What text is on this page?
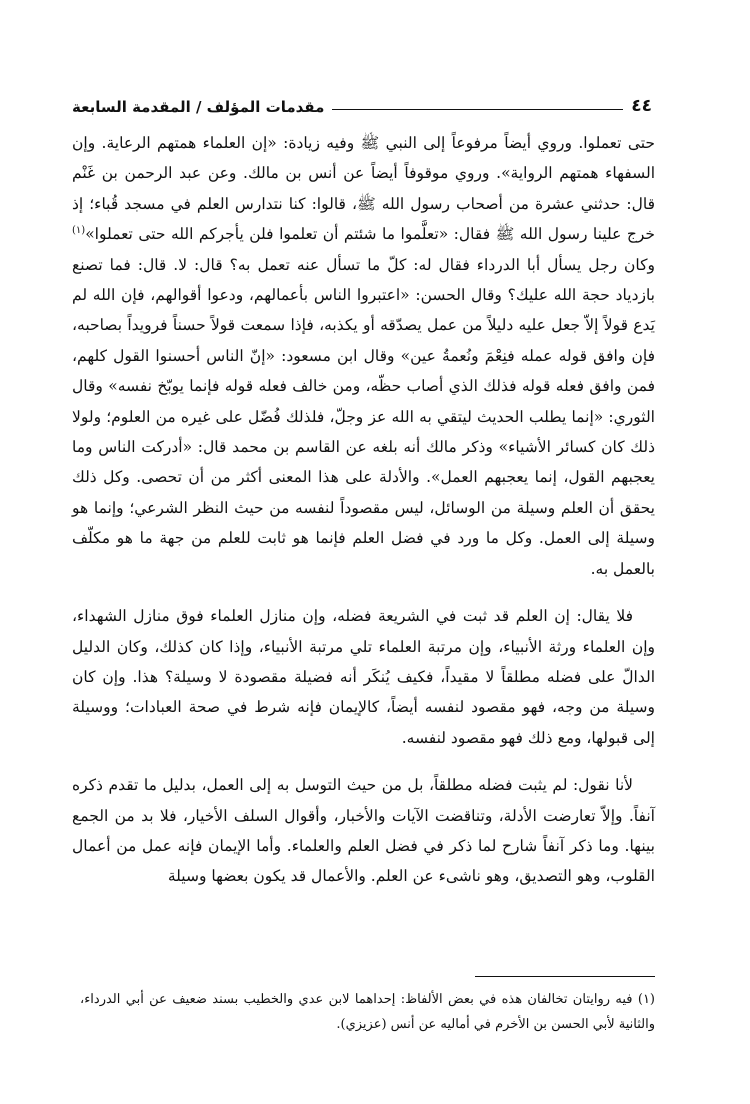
٤٤
مقدمات المؤلف / المقدمة السابعة

حتى تعملوا. وروي أيضاً مرفوعاً إلى النبي ﷺ وفيه زيادة: «إن العلماء همتهم الرعاية. وإن السفهاء همتهم الرواية». وروي موقوفاً أيضاً عن أنس بن مالك. وعن عبد الرحمن بن غَنْم قال: حدثني عشرة من أصحاب رسول الله ﷺ، قالوا: كنا نتدارس العلم في مسجد قُباء؛ إذ خرج علينا رسول الله ﷺ فقال: «تعلَّموا ما شئتم أن تعلموا فلن يأجركم الله حتى تعملوا»$^{(١)}$ وكان رجل يسأل أبا الدرداء فقال له: كلّ ما تسأل عنه تعمل به؟ قال: لا. قال: فما تصنع بازدياد حجة الله عليك؟ وقال الحسن: «اعتبروا الناس بأعمالهم، ودعوا أقوالهم، فإن الله لم يَدع قولاً إلاّ جعل عليه دليلاً من عمل يصدّقه أو يكذبه، فإذا سمعت قولاً حسناً فرويداً بصاحبه، فإن وافق قوله عمله فنِعْمَ ونُعمةُ عين» وقال ابن مسعود: «إنّ الناس أحسنوا القول كلهم، فمن وافق فعله قوله فذلك الذي أصاب حظّه، ومن خالف فعله قوله فإنما يوبّخ نفسه» وقال الثوري: «إنما يطلب الحديث ليتقي به الله عز وجلّ، فلذلك فُضّل على غيره من العلوم؛ ولولا ذلك كان كسائر الأشياء» وذكر مالك أنه بلغه عن القاسم بن محمد قال: «أدركت الناس وما يعجبهم القول، إنما يعجبهم العمل». والأدلة على هذا المعنى أكثر من أن تحصى. وكل ذلك يحقق أن العلم وسيلة من الوسائل، ليس مقصوداً لنفسه من حيث النظر الشرعي؛ وإنما هو وسيلة إلى العمل. وكل ما ورد في فضل العلم فإنما هو ثابت للعلم من جهة ما هو مكلّف بالعمل به.

فلا يقال: إن العلم قد ثبت في الشريعة فضله، وإن منازل العلماء فوق منازل الشهداء، وإن العلماء ورثة الأنبياء، وإن مرتبة العلماء تلي مرتبة الأنبياء، وإذا كان كذلك، وكان الدليل الدالّ على فضله مطلقاً لا مقيداً، فكيف يُنكَر أنه فضيلة مقصودة لا وسيلة؟ هذا. وإن كان وسيلة من وجه، فهو مقصود لنفسه أيضاً، كالإيمان فإنه شرط في صحة العبادات؛ ووسيلة إلى قبولها، ومع ذلك فهو مقصود لنفسه.

لأنا نقول: لم يثبت فضله مطلقاً، بل من حيث التوسل به إلى العمل، بدليل ما تقدم ذكره آنفاً. وإلاّ تعارضت الأدلة، وتناقضت الآيات والأخبار، وأقوال السلف الأخيار، فلا بد من الجمع بينها. وما ذكر آنفاً شارح لما ذكر في فضل العلم والعلماء. وأما الإيمان فإنه عمل من أعمال القلوب، وهو التصديق، وهو ناشىء عن العلم. والأعمال قد يكون بعضها وسيلة

(١) فيه روايتان تخالفان هذه في بعض الألفاظ: إحداهما لابن عدي والخطيب بسند ضعيف عن أبي الدرداء، والثانية لأبي الحسن بن الأخرم في أماليه عن أنس (عزيزي).
